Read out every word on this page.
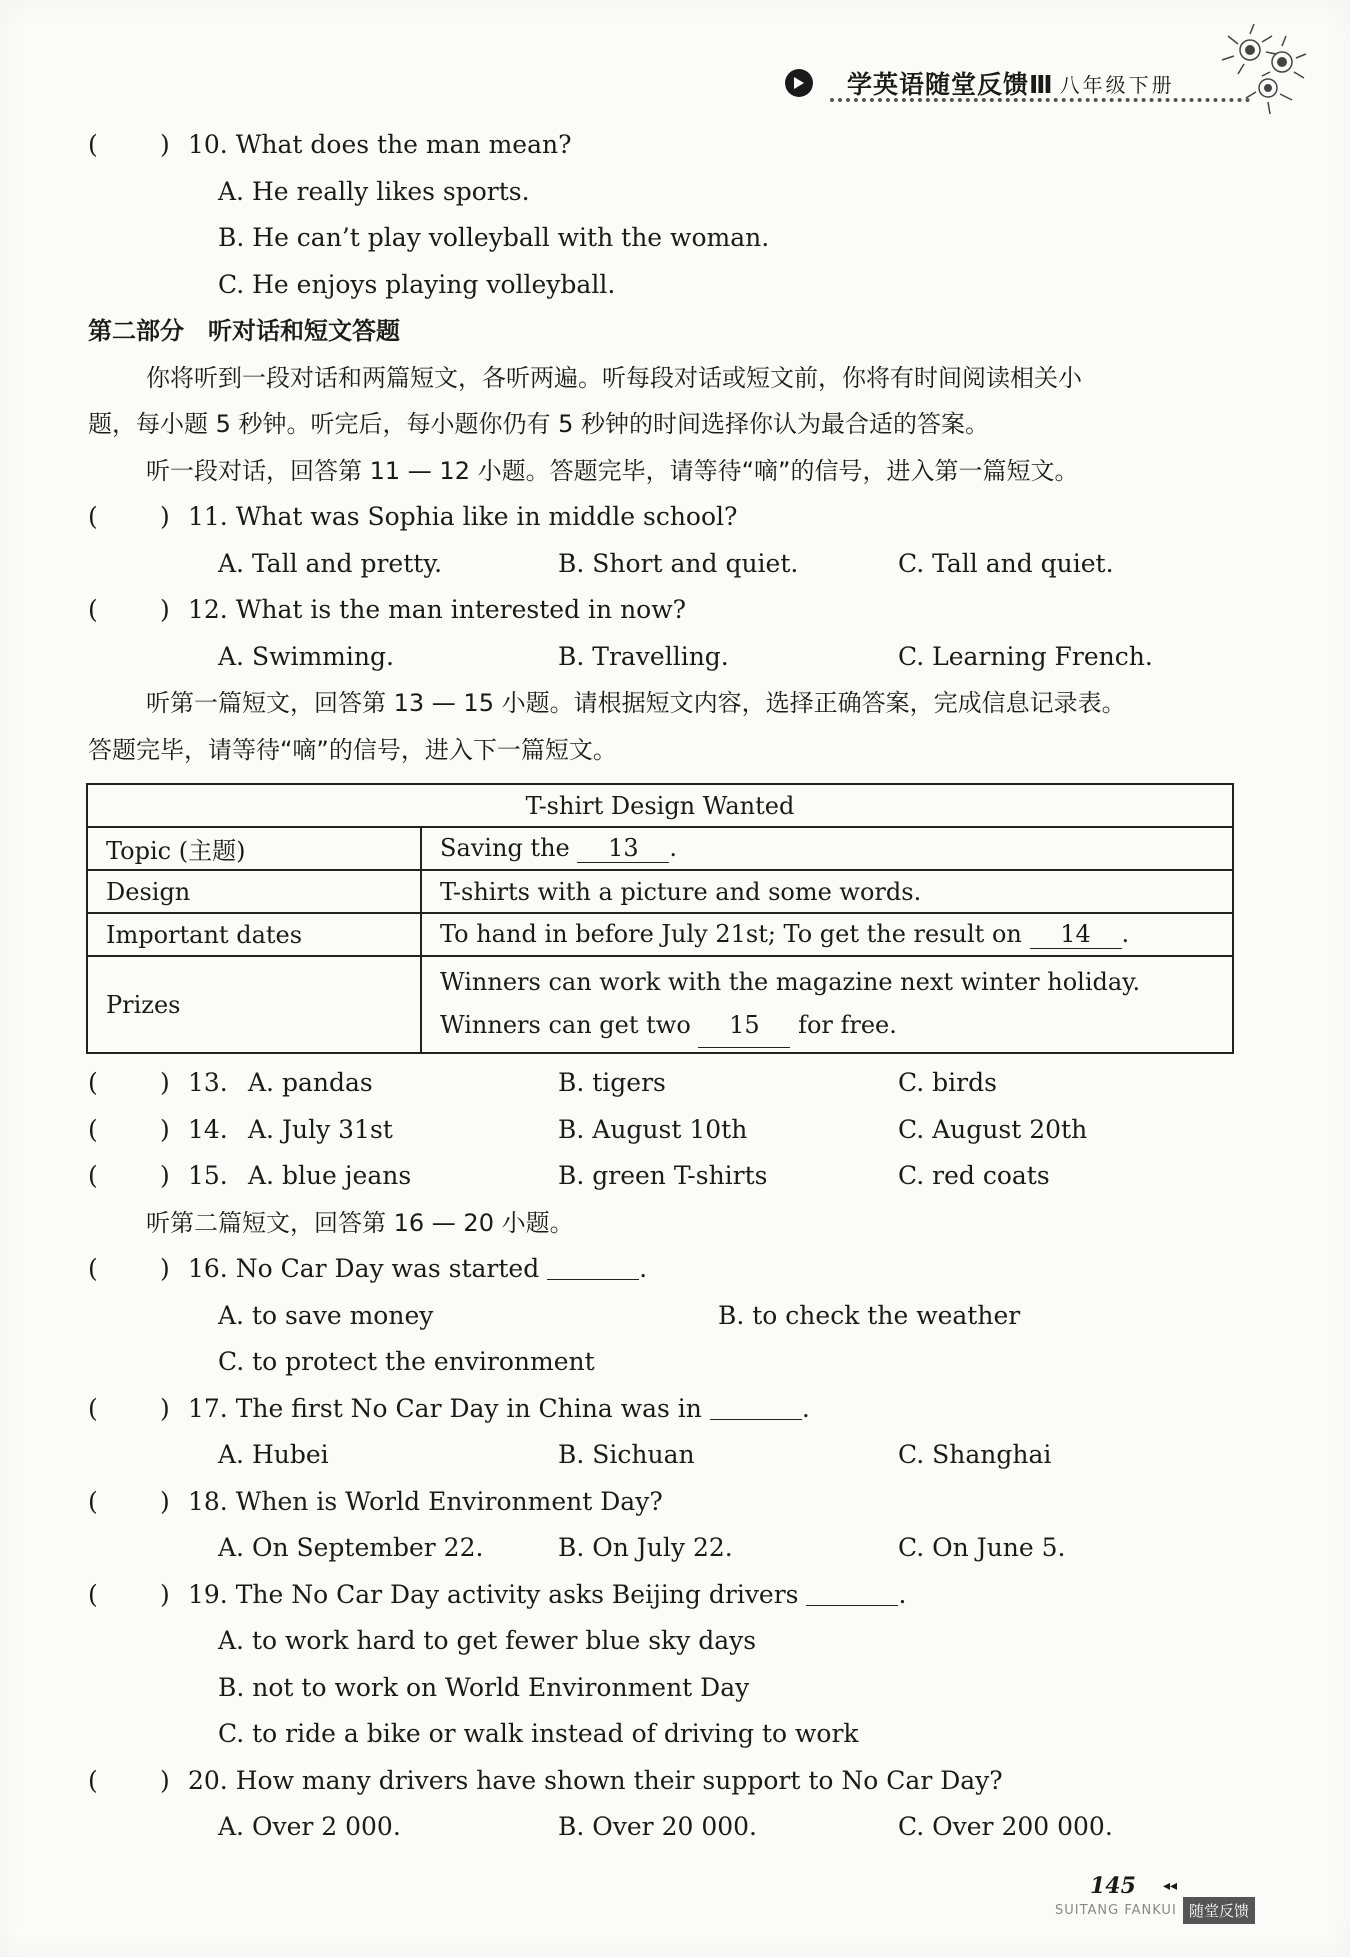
学英语随堂反馈Ⅲ 八年级下册
( ) 10. What does the man mean?
A. He really likes sports.
B. He can’t play volleyball with the woman.
C. He enjoys playing volleyball.
第二部分　听对话和短文答题
你将听到一段对话和两篇短文，各听两遍。听每段对话或短文前，你将有时间阅读相关小
题，每小题 5 秒钟。听完后，每小题你仍有 5 秒钟的时间选择你认为最合适的答案。
听一段对话，回答第 11 — 12 小题。答题完毕，请等待“嘀”的信号，进入第一篇短文。
( ) 11. What was Sophia like in middle school?
A. Tall and pretty.	B. Short and quiet.	C. Tall and quiet.
( ) 12. What is the man interested in now?
A. Swimming.	B. Travelling.	C. Learning French.
听第一篇短文，回答第 13 — 15 小题。请根据短文内容，选择正确答案，完成信息记录表。
答题完毕，请等待“嘀”的信号，进入下一篇短文。
T-shirt Design Wanted	
Topic (主题)	Saving the 13 .
Design	T-shirts with a picture and some words.
Important dates	To hand in before July 21st; To get the result on 14 .
Prizes	Winners can work with the magazine next winter holiday.
Winners can get two 15 for free.
( ) 13. A. pandas	B. tigers	C. birds
( ) 14. A. July 31st	B. August 10th	C. August 20th
( ) 15. A. blue jeans	B. green T-shirts	C. red coats
听第二篇短文，回答第 16 — 20 小题。
( ) 16. No Car Day was started	.
A. to save money	B. to check the weather
C. to protect the environment
( ) 17. The first No Car Day in China was in	.
A. Hubei	B. Sichuan	C. Shanghai
( ) 18. When is World Environment Day?
A. On September 22.	B. On July 22.	C. On June 5.
( ) 19. The No Car Day activity asks Beijing drivers	.
A. to work hard to get fewer blue sky days
B. not to work on World Environment Day
C. to ride a bike or walk instead of driving to work
( ) 20. How many drivers have shown their support to No Car Day?
A. Over 2 000.	B. Over 20 000.	C. Over 200 000.
145 ◂◂
SUITANG FANKUI 随堂反馈
